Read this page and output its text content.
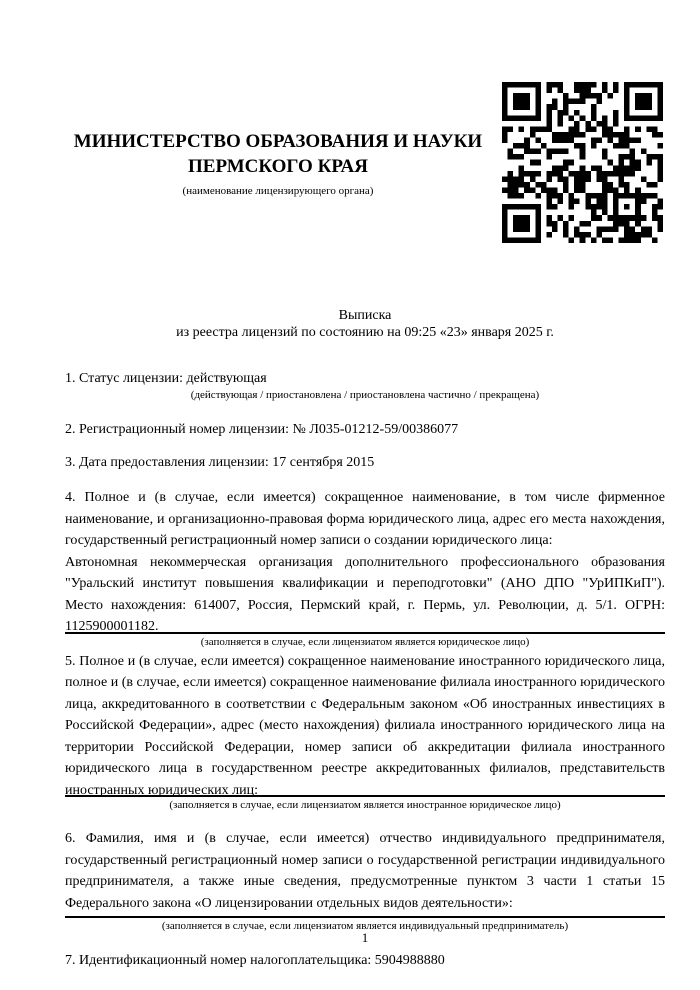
МИНИСТЕРСТВО ОБРАЗОВАНИЯ И НАУКИ
ПЕРМСКОГО КРАЯ
(наименование лицензирующего органа)
Выписка
из реестра лицензий по состоянию на 09:25 «23» января 2025 г.
1. Статус лицензии: действующая
(действующая / приостановлена / приостановлена частично / прекращена)
2. Регистрационный номер лицензии: № Л035-01212-59/00386077
3. Дата предоставления лицензии: 17 сентября 2015

4. Полное и (в случае, если имеется) сокращенное наименование, в том числе фирменное наименование, и организационно-правовая форма юридического лица, адрес его места нахождения, государственный регистрационный номер записи о создании юридического лица:

Автономная некоммерческая организация дополнительного профессионального образования "Уральский институт повышения квалификации и переподготовки" (АНО ДПО "УрИПКиП"). Место нахождения: 614007, Россия, Пермский край, г. Пермь, ул. Революции, д. 5/1. ОГРН: 1125900001182.

(заполняется в случае, если лицензиатом является юридическое лицо)

5. Полное и (в случае, если имеется) сокращенное наименование иностранного юридического лица, полное и (в случае, если имеется) сокращенное наименование филиала иностранного юридического лица, аккредитованного в соответствии с Федеральным законом «Об иностранных инвестициях в Российской Федерации», адрес (место нахождения) филиала иностранного юридического лица на территории Российской Федерации, номер записи об аккредитации филиала иностранного юридического лица в государственном реестре аккредитованных филиалов, представительств иностранных юридических лиц:

(заполняется в случае, если лицензиатом является иностранное юридическое лицо)

6. Фамилия, имя и (в случае, если имеется) отчество индивидуального предпринимателя, государственный регистрационный номер записи о государственной регистрации индивидуального предпринимателя, а также иные сведения, предусмотренные пунктом 3 части 1 статьи 15 Федерального закона «О лицензировании отдельных видов деятельности»:

(заполняется в случае, если лицензиатом является индивидуальный предприниматель)

7. Идентификационный номер налогоплательщика: 5904988880

1
